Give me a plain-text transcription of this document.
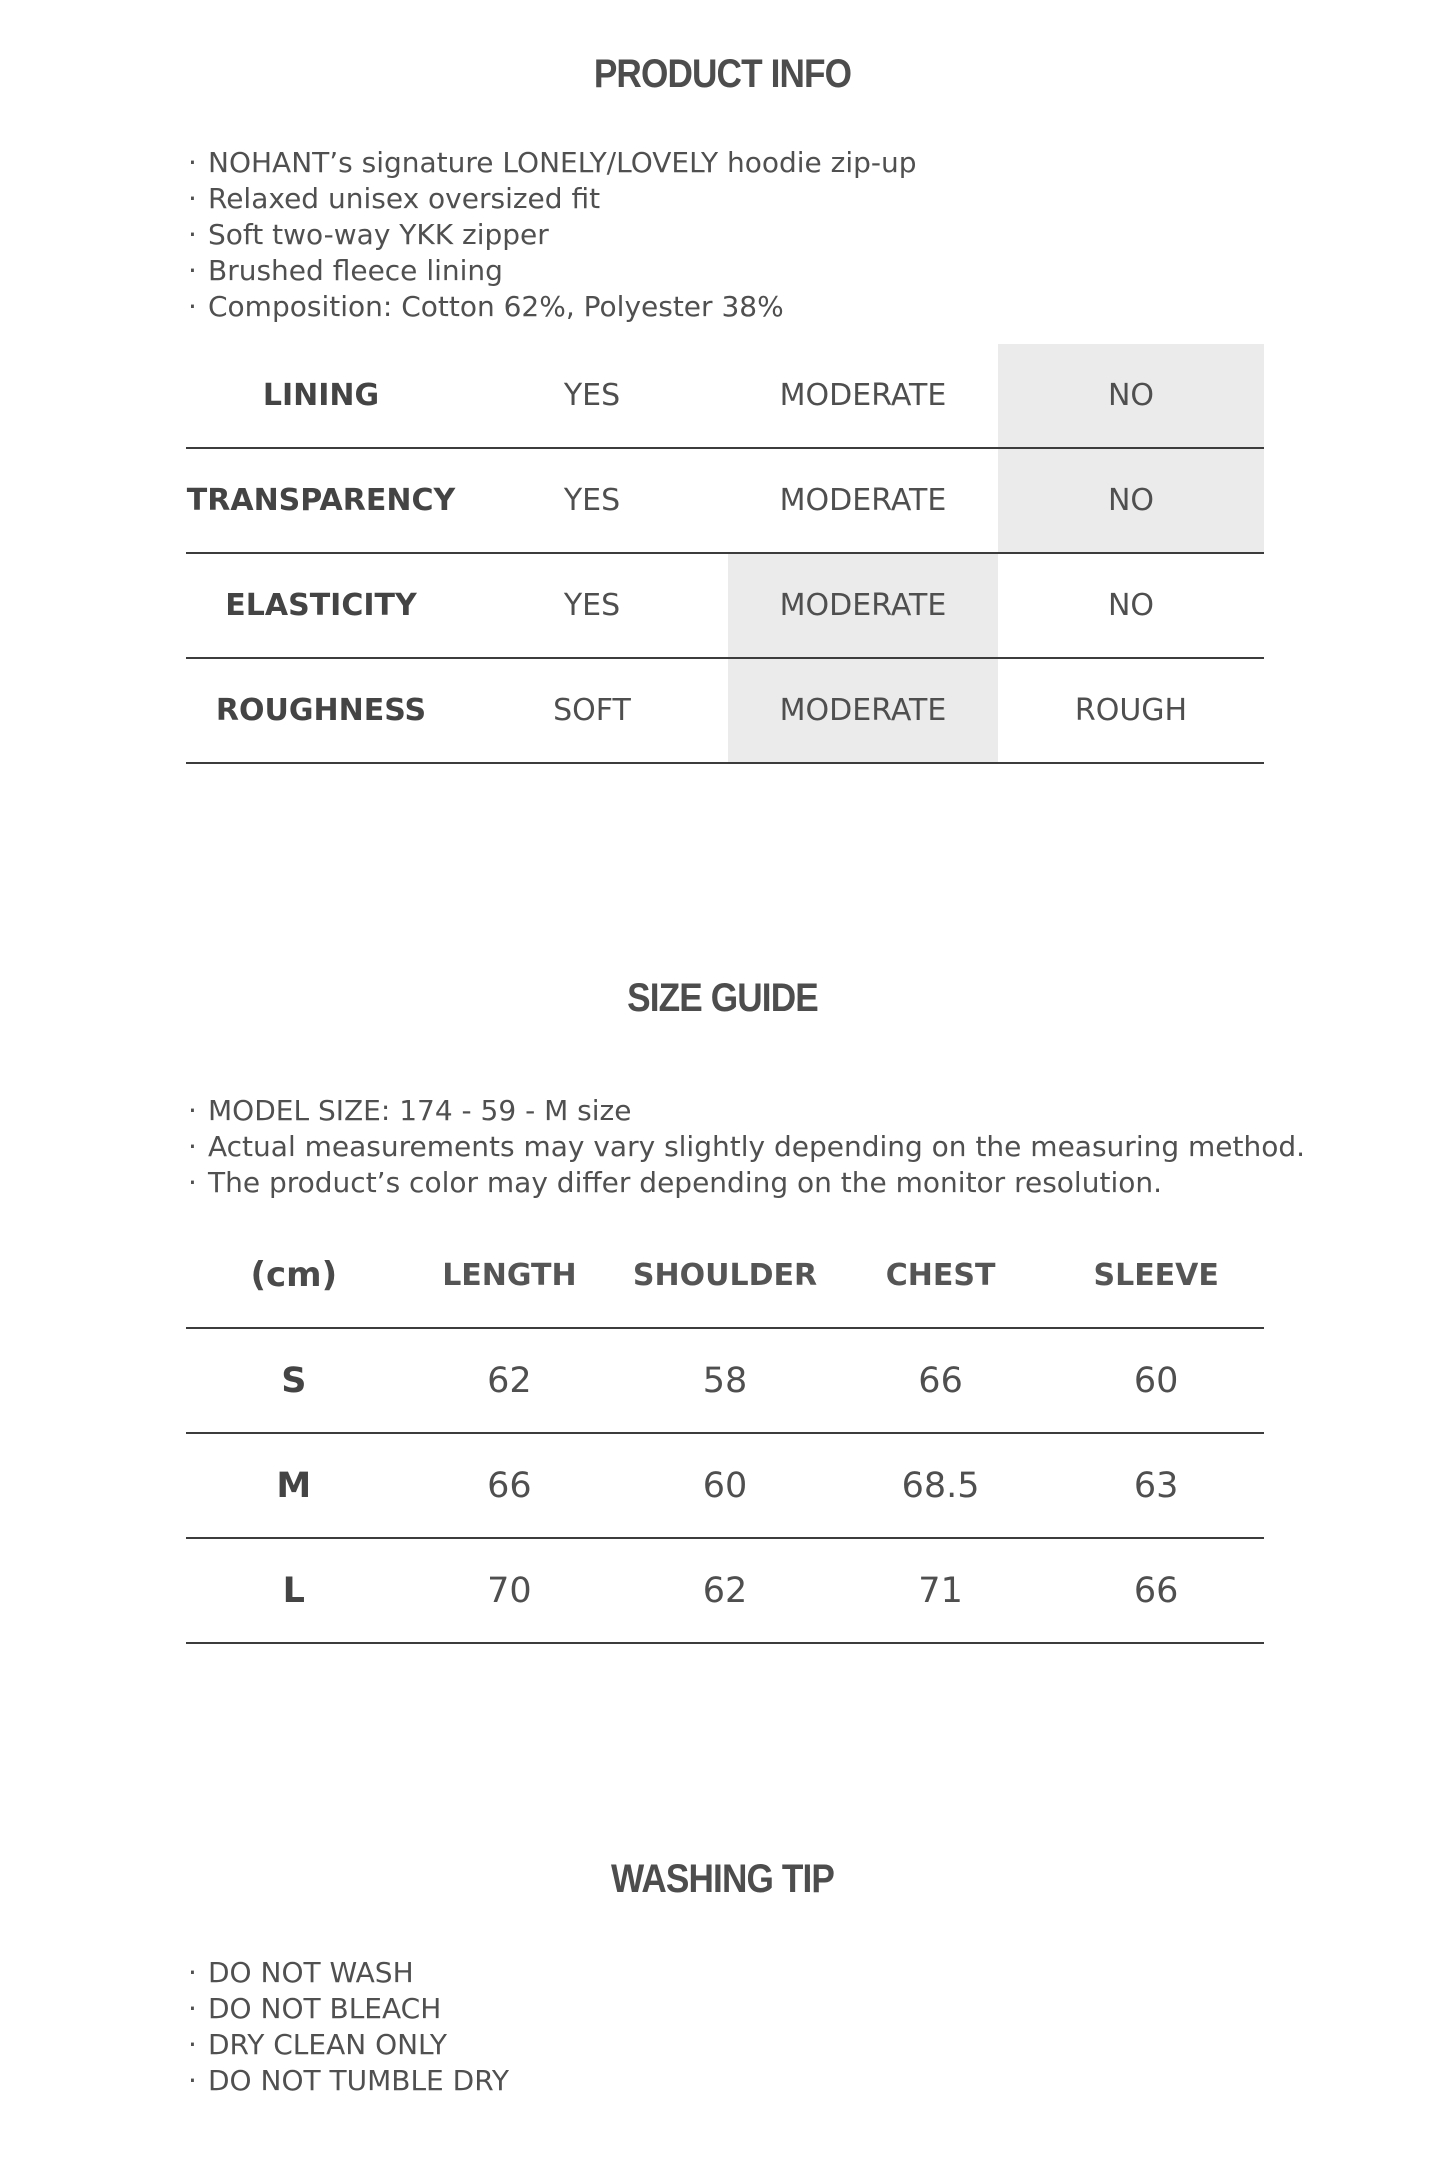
PRODUCT INFO
· NOHANT’s signature LONELY/LOVELY hoodie zip-up
· Relaxed unisex oversized fit
· Soft two-way YKK zipper
· Brushed fleece lining
· Composition: Cotton 62%, Polyester 38%
LINING	YES	MODERATE	NO
TRANSPARENCY	YES	MODERATE	NO
ELASTICITY	YES	MODERATE	NO
ROUGHNESS	SOFT	MODERATE	ROUGH
SIZE GUIDE
· MODEL SIZE: 174 - 59 - M size
· Actual measurements may vary slightly depending on the measuring method.
· The product’s color may differ depending on the monitor resolution.
(cm)	LENGTH	SHOULDER	CHEST	SLEEVE
S	62	58	66	60
M	66	60	68.5	63
L	70	62	71	66
WASHING TIP
· DO NOT WASH
· DO NOT BLEACH
· DRY CLEAN ONLY
· DO NOT TUMBLE DRY
